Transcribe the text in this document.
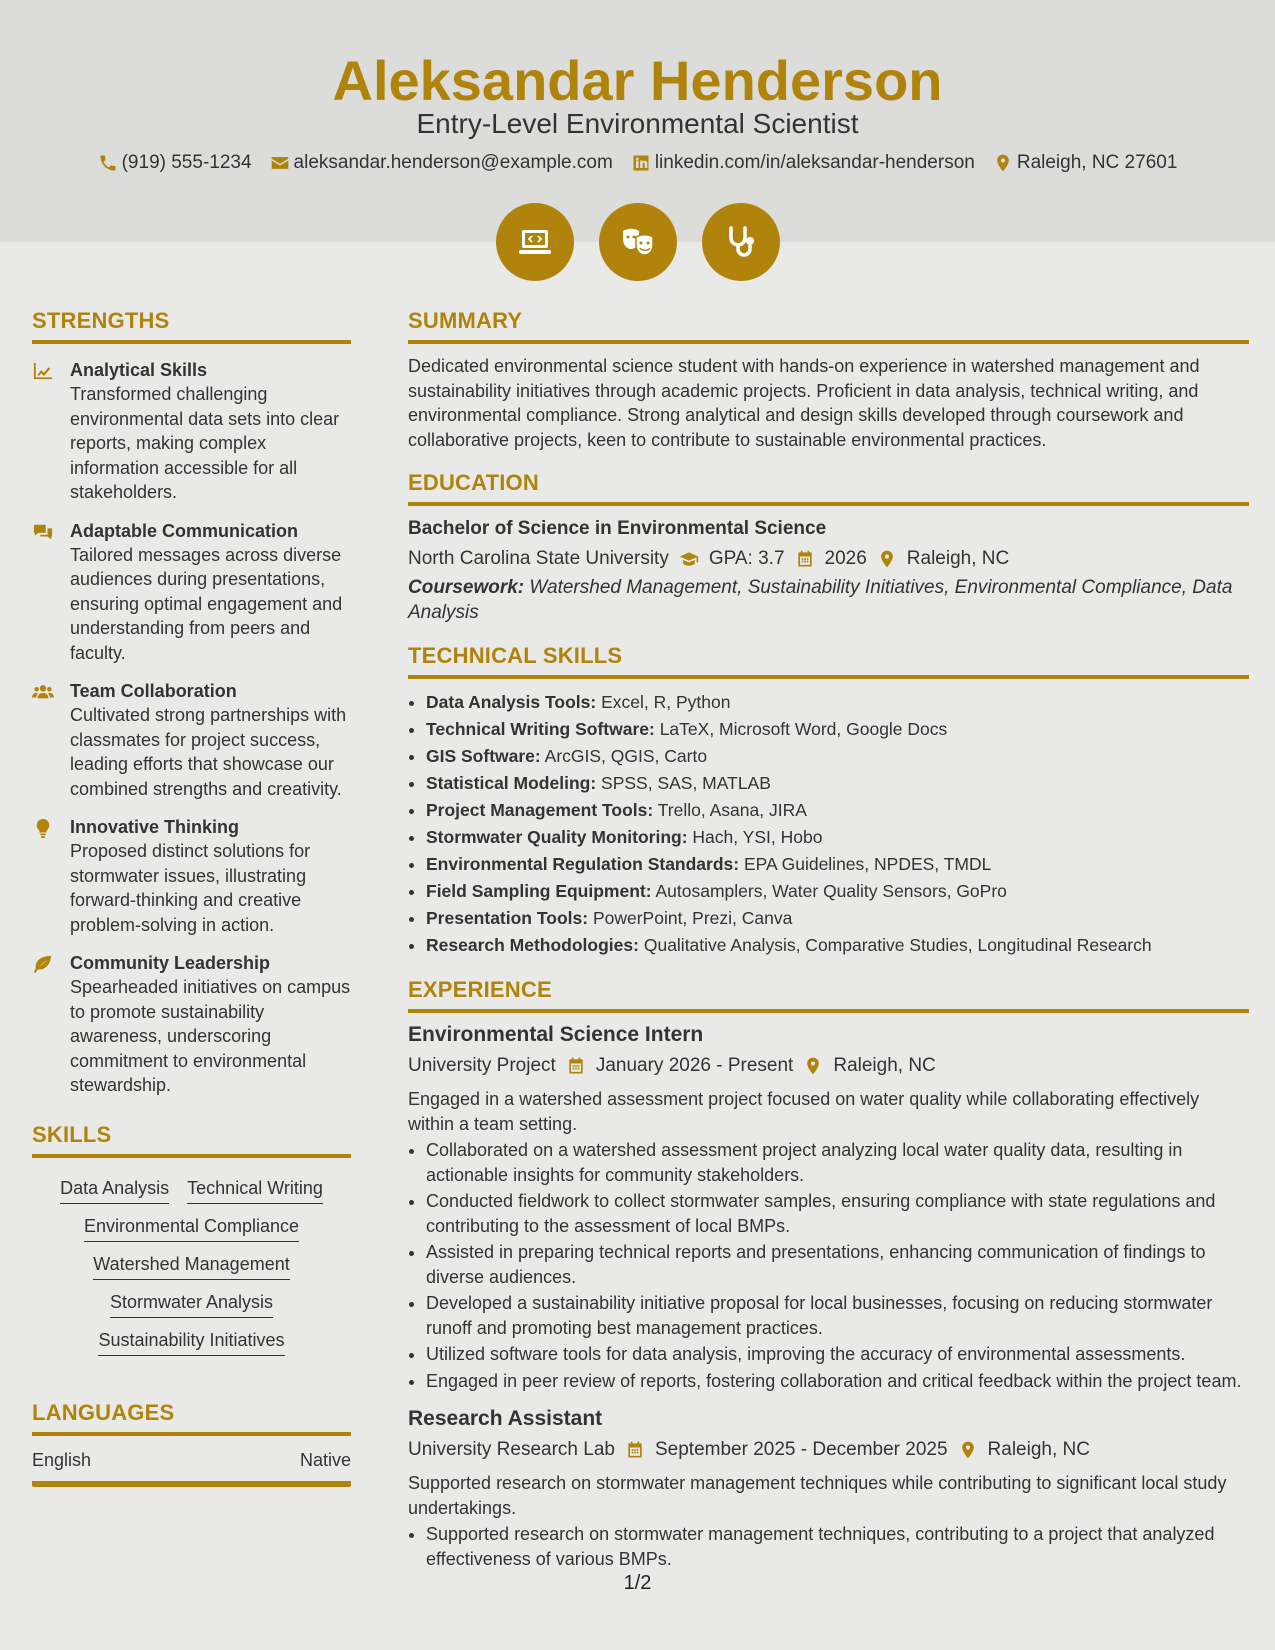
Aleksandar Henderson
Entry-Level Environmental Scientist
(919) 555-1234 aleksandar.henderson@example.com linkedin.com/in/aleksandar-henderson Raleigh, NC 27601
STRENGTHS
Analytical Skills
Transformed challenging environmental data sets into clear reports, making complex information accessible for all stakeholders.
Adaptable Communication
Tailored messages across diverse audiences during presentations, ensuring optimal engagement and understanding from peers and faculty.
Team Collaboration
Cultivated strong partnerships with classmates for project success, leading efforts that showcase our combined strengths and creativity.
Innovative Thinking
Proposed distinct solutions for stormwater issues, illustrating forward-thinking and creative problem-solving in action.
Community Leadership
Spearheaded initiatives on campus to promote sustainability awareness, underscoring commitment to environmental stewardship.
SKILLS
Data Analysis Technical Writing
Environmental Compliance
Watershed Management
Stormwater Analysis
Sustainability Initiatives
LANGUAGES
English	Native
SUMMARY
Dedicated environmental science student with hands-on experience in watershed management and sustainability initiatives through academic projects. Proficient in data analysis, technical writing, and environmental compliance. Strong analytical and design skills developed through coursework and collaborative projects, keen to contribute to sustainable environmental practices.
EDUCATION
Bachelor of Science in Environmental Science
North Carolina State University GPA: 3.7 2026 Raleigh, NC
Coursework: Watershed Management, Sustainability Initiatives, Environmental Compliance, Data Analysis
TECHNICAL SKILLS
• Data Analysis Tools: Excel, R, Python
• Technical Writing Software: LaTeX, Microsoft Word, Google Docs
• GIS Software: ArcGIS, QGIS, Carto
• Statistical Modeling: SPSS, SAS, MATLAB
• Project Management Tools: Trello, Asana, JIRA
• Stormwater Quality Monitoring: Hach, YSI, Hobo
• Environmental Regulation Standards: EPA Guidelines, NPDES, TMDL
• Field Sampling Equipment: Autosamplers, Water Quality Sensors, GoPro
• Presentation Tools: PowerPoint, Prezi, Canva
• Research Methodologies: Qualitative Analysis, Comparative Studies, Longitudinal Research
EXPERIENCE
Environmental Science Intern
University Project January 2026 - Present Raleigh, NC
Engaged in a watershed assessment project focused on water quality while collaborating effectively within a team setting.
• Collaborated on a watershed assessment project analyzing local water quality data, resulting in actionable insights for community stakeholders.
• Conducted fieldwork to collect stormwater samples, ensuring compliance with state regulations and contributing to the assessment of local BMPs.
• Assisted in preparing technical reports and presentations, enhancing communication of findings to diverse audiences.
• Developed a sustainability initiative proposal for local businesses, focusing on reducing stormwater runoff and promoting best management practices.
• Utilized software tools for data analysis, improving the accuracy of environmental assessments.
• Engaged in peer review of reports, fostering collaboration and critical feedback within the project team.
Research Assistant
University Research Lab September 2025 - December 2025 Raleigh, NC
Supported research on stormwater management techniques while contributing to significant local study undertakings.
• Supported research on stormwater management techniques, contributing to a project that analyzed effectiveness of various BMPs.
1/2
